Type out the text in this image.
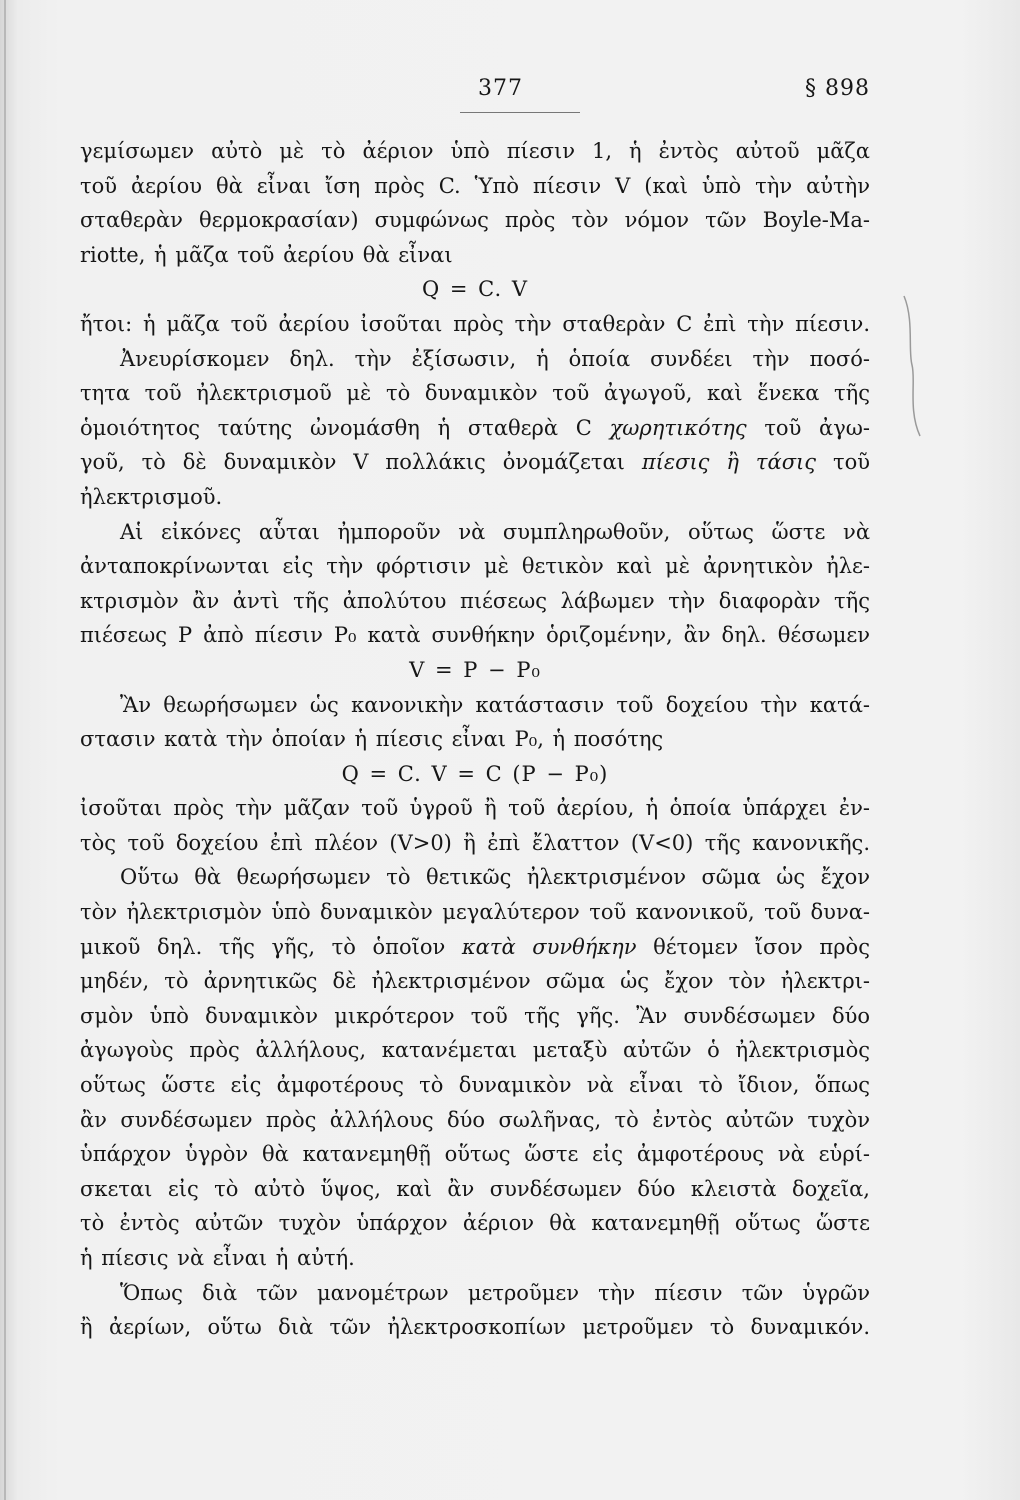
377	§ 898
γεμίσωμεν αὐτὸ μὲ τὸ ἀέριον ὑπὸ πίεσιν 1, ἡ ἐντὸς αὐτοῦ μᾶζα
τοῦ ἀερίου θὰ εἶναι ἴση πρὸς C. Ὑπὸ πίεσιν V (καὶ ὑπὸ τὴν αὐτὴν
σταθερὰν θερμοκρασίαν) συμφώνως πρὸς τὸν νόμον τῶν Boyle-Ma-
riotte, ἡ μᾶζα τοῦ ἀερίου θὰ εἶναι
Q = C. V
ἤτοι: ἡ μᾶζα τοῦ ἀερίου ἰσοῦται πρὸς τὴν σταθερὰν C ἐπὶ τὴν πίεσιν.
Ἀνευρίσκομεν δηλ. τὴν ἐξίσωσιν, ἡ ὁποία συνδέει τὴν ποσό-
τητα τοῦ ἠλεκτρισμοῦ μὲ τὸ δυναμικὸν τοῦ ἀγωγοῦ, καὶ ἕνεκα τῆς
ὁμοιότητος ταύτης ὠνομάσθη ἡ σταθερὰ C χωρητικότης τοῦ ἀγω-
γοῦ, τὸ δὲ δυναμικὸν V πολλάκις ὀνομάζεται πίεσις ἢ τάσις τοῦ
ἠλεκτρισμοῦ.
Αἱ εἰκόνες αὗται ἠμποροῦν νὰ συμπληρωθοῦν, οὕτως ὥστε νὰ
ἀνταποκρίνωνται εἰς τὴν φόρτισιν μὲ θετικὸν καὶ μὲ ἀρνητικὸν ἠλε-
κτρισμὸν ἂν ἀντὶ τῆς ἀπολύτου πιέσεως λάβωμεν τὴν διαφορὰν τῆς
πιέσεως P ἀπὸ πίεσιν P₀ κατὰ συνθήκην ὁριζομένην, ἂν δηλ. θέσωμεν
V = P − P₀
Ἂν θεωρήσωμεν ὡς κανονικὴν κατάστασιν τοῦ δοχείου τὴν κατά-
στασιν κατὰ τὴν ὁποίαν ἡ πίεσις εἶναι P₀, ἡ ποσότης
Q = C. V = C (P − P₀)
ἰσοῦται πρὸς τὴν μᾶζαν τοῦ ὑγροῦ ἢ τοῦ ἀερίου, ἡ ὁποία ὑπάρχει ἐν-
τὸς τοῦ δοχείου ἐπὶ πλέον (V>0) ἢ ἐπὶ ἔλαττον (V<0) τῆς κανονικῆς.
Οὕτω θὰ θεωρήσωμεν τὸ θετικῶς ἠλεκτρισμένον σῶμα ὡς ἔχον
τὸν ἠλεκτρισμὸν ὑπὸ δυναμικὸν μεγαλύτερον τοῦ κανονικοῦ, τοῦ δυνα-
μικοῦ δηλ. τῆς γῆς, τὸ ὁποῖον κατὰ συνθήκην θέτομεν ἴσον πρὸς
μηδέν, τὸ ἀρνητικῶς δὲ ἠλεκτρισμένον σῶμα ὡς ἔχον τὸν ἠλεκτρι-
σμὸν ὑπὸ δυναμικὸν μικρότερον τοῦ τῆς γῆς. Ἂν συνδέσωμεν δύο
ἀγωγοὺς πρὸς ἀλλήλους, κατανέμεται μεταξὺ αὐτῶν ὁ ἠλεκτρισμὸς
οὕτως ὥστε εἰς ἀμφοτέρους τὸ δυναμικὸν νὰ εἶναι τὸ ἴδιον, ὅπως
ἂν συνδέσωμεν πρὸς ἀλλήλους δύο σωλῆνας, τὸ ἐντὸς αὐτῶν τυχὸν
ὑπάρχον ὑγρὸν θὰ κατανεμηθῇ οὕτως ὥστε εἰς ἀμφοτέρους νὰ εὑρί-
σκεται εἰς τὸ αὐτὸ ὕψος, καὶ ἂν συνδέσωμεν δύο κλειστὰ δοχεῖα,
τὸ ἐντὸς αὐτῶν τυχὸν ὑπάρχον ἀέριον θὰ κατανεμηθῇ οὕτως ὥστε
ἡ πίεσις νὰ εἶναι ἡ αὐτή.
Ὅπως διὰ τῶν μανομέτρων μετροῦμεν τὴν πίεσιν τῶν ὑγρῶν
ἢ ἀερίων, οὕτω διὰ τῶν ἠλεκτροσκοπίων μετροῦμεν τὸ δυναμικόν.
